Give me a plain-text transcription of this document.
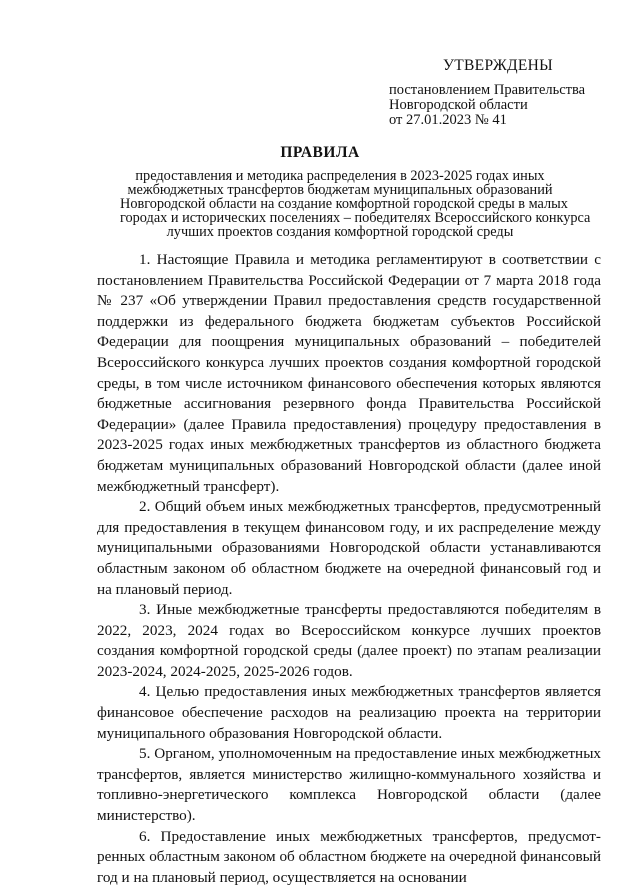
УТВЕРЖДЕНЫ
постановлением Правительства
Новгородской области
от 27.01.2023 № 41
ПРАВИЛА
предоставления и методика распределения в 2023-2025 годах иных
межбюджетных трансфертов бюджетам муниципальных образований
Новгородской области на создание комфортной городской среды в малых
городах и исторических поселениях – победителях Всероссийского конкурса
лучших проектов создания комфортной городской среды

1. Настоящие Правила и методика регламентируют в соответствии с постановлением Правительства Российской Федерации от 7 марта 2018 года № 237 «Об утверждении Правил предоставления средств государственной поддержки из федерального бюджета бюджетам субъектов Российской Федерации для поощрения муниципальных образований – победителей Всероссийского конкурса лучших проектов создания комфортной городской среды, в том числе источником финансового обеспечения которых являются бюджетные ассигнования резервного фонда Правительства Российской Федерации» (далее Правила предоставления) процедуру предоставления в 2023-2025 годах иных межбюджетных трансфертов из областного бюджета бюджетам муниципальных образований Новгородской области (далее иной межбюджетный трансферт).

2. Общий объем иных межбюджетных трансфертов, предусмотренный для предоставления в текущем финансовом году, и их распределение между муниципальными образованиями Новгородской области устанавливаются областным законом об областном бюджете на очередной финансовый год и на плановый период.

3. Иные межбюджетные трансферты предоставляются победителям в 2022, 2023, 2024 годах во Всероссийском конкурсе лучших проектов создания комфортной городской среды (далее проект) по этапам реализации 2023-2024, 2024-2025, 2025-2026 годов.

4. Целью предоставления иных межбюджетных трансфертов является финансовое обеспечение расходов на реализацию проекта на территории муниципального образования Новгородской области.

5. Органом, уполномоченным на предоставление иных межбюджетных трансфертов, является министерство жилищно-коммунального хозяйства и топливно-энергетического комплекса Новгородской области (далее министерство).

6. Предоставление иных межбюджетных трансфертов, предусмот-ренных областным законом об областном бюджете на очередной финансовый год и на плановый период, осуществляется на основании
